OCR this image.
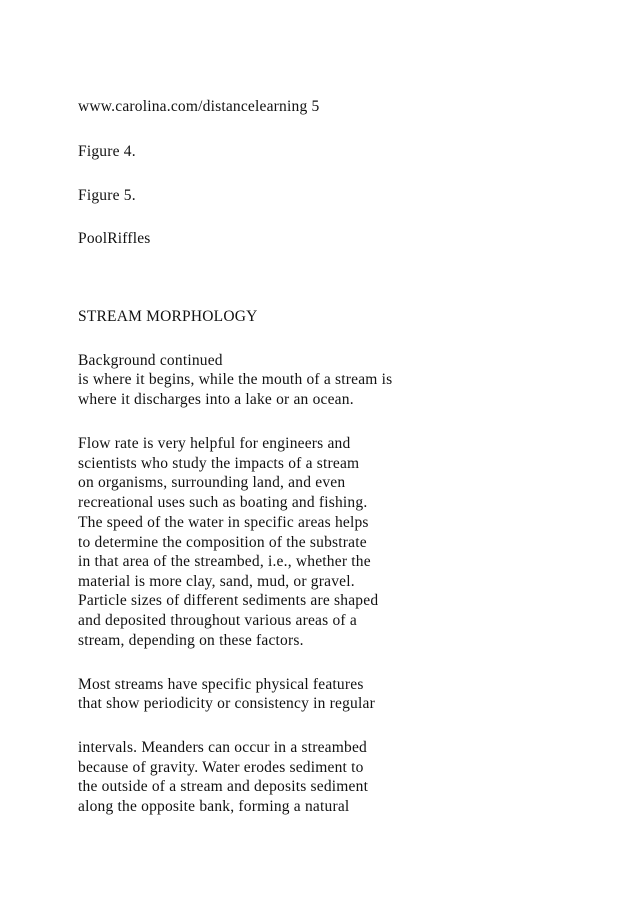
www.carolina.com/distancelearning 5
Figure 4.
Figure 5.
PoolRiffles
STREAM MORPHOLOGY
Background continued
is where it begins, while the mouth of a stream is
where it discharges into a lake or an ocean.
Flow rate is very helpful for engineers and
scientists who study the impacts of a stream
on organisms, surrounding land, and even
recreational uses such as boating and fishing.
The speed of the water in specific areas helps
to determine the composition of the substrate
in that area of the streambed, i.e., whether the
material is more clay, sand, mud, or gravel.
Particle sizes of different sediments are shaped
and deposited throughout various areas of a
stream, depending on these factors.
Most streams have specific physical features
that show periodicity or consistency in regular
intervals. Meanders can occur in a streambed
because of gravity. Water erodes sediment to
the outside of a stream and deposits sediment
along the opposite bank, forming a natural
